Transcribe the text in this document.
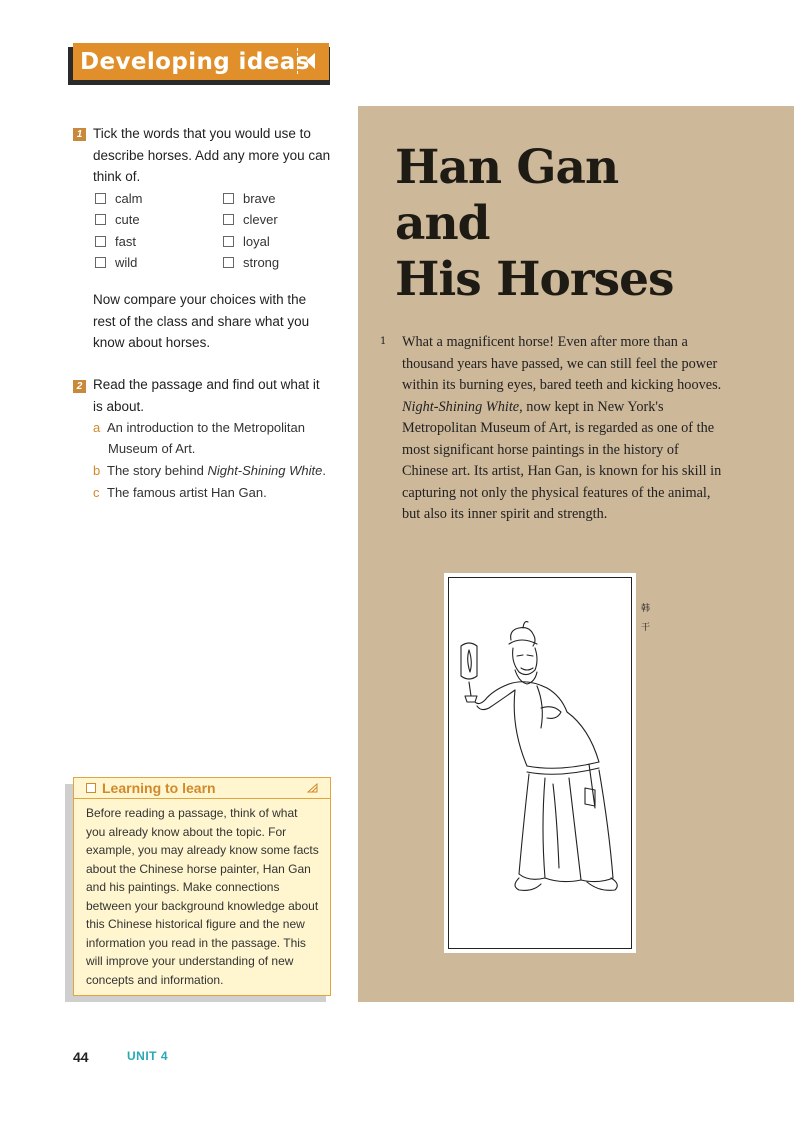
Developing ideas
1 Tick the words that you would use to describe horses. Add any more you can think of.
calm
cute
fast
wild
brave
clever
loyal
strong
Now compare your choices with the rest of the class and share what you know about horses.
2 Read the passage and find out what it is about.
a An introduction to the Metropolitan
Museum of Art.
b The story behind Night-Shining White.
c The famous artist Han Gan.
Learning to learn
Before reading a passage, think of what you already know about the topic. For example, you may already know some facts about the Chinese horse painter, Han Gan and his paintings. Make connections between your background knowledge about this Chinese historical figure and the new information you read in the passage. This will improve your understanding of new concepts and information.
Han Gan
and
His Horses
1 What a magnificent horse! Even after more than a thousand years have passed, we can still feel the power within its burning eyes, bared teeth and kicking hooves. Night-Shining White, now kept in New York's Metropolitan Museum of Art, is regarded as one of the most significant horse paintings in the history of Chinese art. Its artist, Han Gan, is known for his skill in capturing not only the physical features of the animal, but also its inner spirit and strength.
韩
干
44	UNIT 4
